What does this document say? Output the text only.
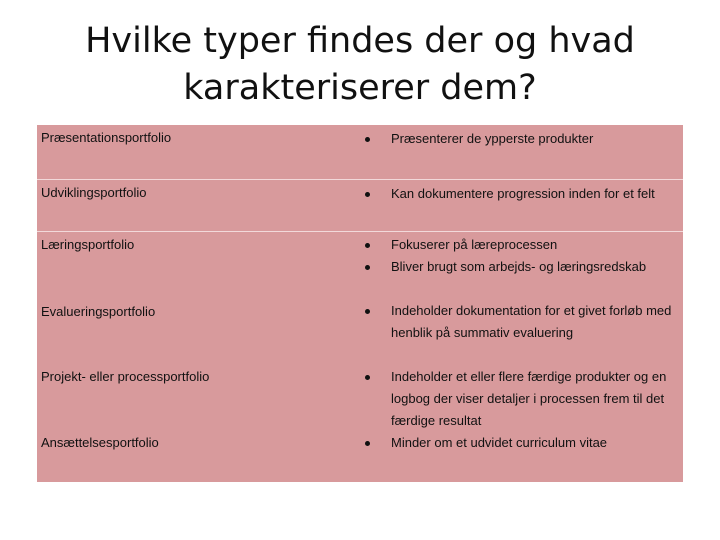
Hvilke typer findes der og hvad
karakteriserer dem?
Præsentationsportfolio
Udviklingsportfolio
Læringsportfolio
Evalueringsportfolio
Projekt- eller processportfolio
Ansættelsesportfolio
Præsenterer de ypperste produkter
Kan dokumentere progression inden for et felt
Fokuserer på læreprocessen
Bliver brugt som arbejds- og læringsredskab
Indeholder dokumentation for et givet forløb med henblik på summativ evaluering
Indeholder et eller flere færdige produkter og en logbog der viser detaljer i processen frem til det færdige resultat
Minder om et udvidet curriculum vitae
